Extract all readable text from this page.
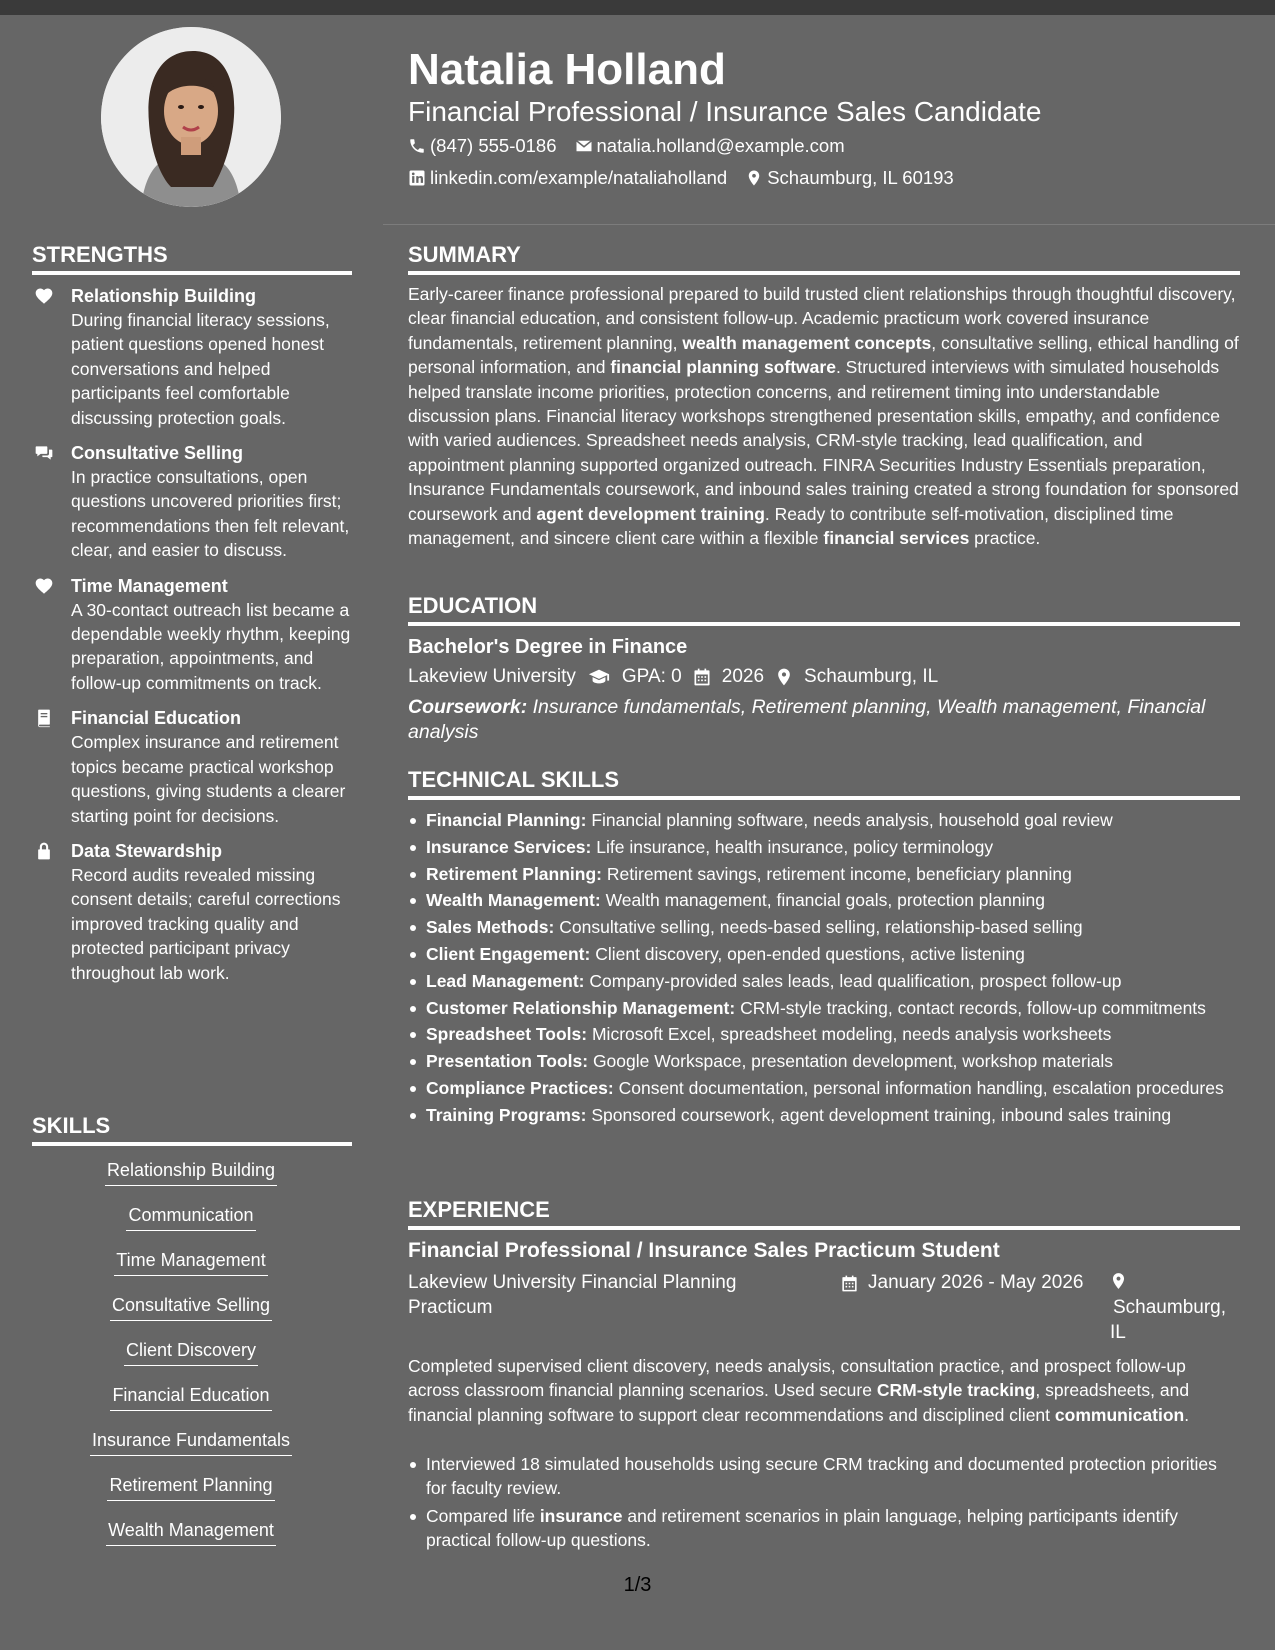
Natalia Holland
Financial Professional / Insurance Sales Candidate
(847) 555-0186 natalia.holland@example.com
linkedin.com/example/nataliaholland Schaumburg, IL 60193
STRENGTHS
Relationship Building
During financial literacy sessions, patient questions opened honest conversations and helped participants feel comfortable discussing protection goals.
Consultative Selling
In practice consultations, open questions uncovered priorities first; recommendations then felt relevant, clear, and easier to discuss.
Time Management
A 30-contact outreach list became a dependable weekly rhythm, keeping preparation, appointments, and follow-up commitments on track.
Financial Education
Complex insurance and retirement topics became practical workshop questions, giving students a clearer starting point for decisions.
Data Stewardship
Record audits revealed missing consent details; careful corrections improved tracking quality and protected participant privacy throughout lab work.
SKILLS
Relationship Building
Communication
Time Management
Consultative Selling
Client Discovery
Financial Education
Insurance Fundamentals
Retirement Planning
Wealth Management
SUMMARY

Early-career finance professional prepared to build trusted client relationships through thoughtful discovery, clear financial education, and consistent follow-up. Academic practicum work covered insurance fundamentals, retirement planning, wealth management concepts, consultative selling, ethical handling of personal information, and financial planning software. Structured interviews with simulated households helped translate income priorities, protection concerns, and retirement timing into understandable discussion plans. Financial literacy workshops strengthened presentation skills, empathy, and confidence with varied audiences. Spreadsheet needs analysis, CRM-style tracking, lead qualification, and appointment planning supported organized outreach. FINRA Securities Industry Essentials preparation, Insurance Fundamentals coursework, and inbound sales training created a strong foundation for sponsored coursework and agent development training. Ready to contribute self-motivation, disciplined time management, and sincere client care within a flexible financial services practice.

EDUCATION
Bachelor's Degree in Finance
Lakeview University GPA: 0 2026 Schaumburg, IL
Coursework: Insurance fundamentals, Retirement planning, Wealth management, Financial analysis
TECHNICAL SKILLS
Financial Planning: Financial planning software, needs analysis, household goal review
Insurance Services: Life insurance, health insurance, policy terminology
Retirement Planning: Retirement savings, retirement income, beneficiary planning
Wealth Management: Wealth management, financial goals, protection planning
Sales Methods: Consultative selling, needs-based selling, relationship-based selling
Client Engagement: Client discovery, open-ended questions, active listening
Lead Management: Company-provided sales leads, lead qualification, prospect follow-up
Customer Relationship Management: CRM-style tracking, contact records, follow-up commitments
Spreadsheet Tools: Microsoft Excel, spreadsheet modeling, needs analysis worksheets
Presentation Tools: Google Workspace, presentation development, workshop materials
Compliance Practices: Consent documentation, personal information handling, escalation procedures
Training Programs: Sponsored coursework, agent development training, inbound sales training
EXPERIENCE
Financial Professional / Insurance Sales Practicum Student
Lakeview University Financial Planning Practicum
January 2026 - May 2026
Schaumburg, IL

Completed supervised client discovery, needs analysis, consultation practice, and prospect follow-up across classroom financial planning scenarios. Used secure CRM-style tracking, spreadsheets, and financial planning software to support clear recommendations and disciplined client communication.

Interviewed 18 simulated households using secure CRM tracking and documented protection priorities for faculty review.
Compared life insurance and retirement scenarios in plain language, helping participants identify practical follow-up questions.
1/3
